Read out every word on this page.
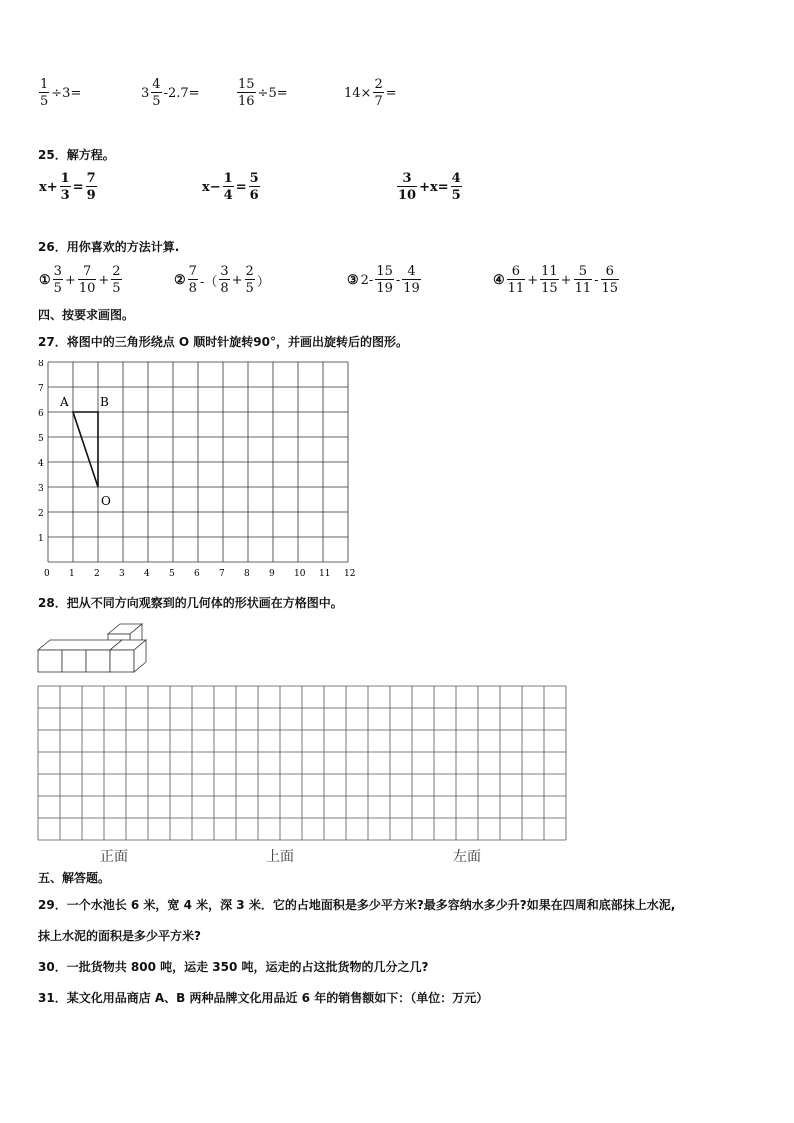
$\frac{1}{5} \div 3=$	$3 \frac{4}{5} -2.7=$	$\frac{15}{16} \div 5=$	$14\times \frac{2}{7}$ =
25．解方程。
$x+ \frac{1}{3} = \frac{7}{9}$	$x- \frac{1}{4} = \frac{5}{6}$	$\frac{3}{10} +x= \frac{4}{5}$
26．用你喜欢的方法计算.
① $\frac{3}{5} + \frac{7}{10} + \frac{2}{5}$	② $\frac{7}{8}$ -（ $\frac{3}{8} + \frac{2}{5}$ ）	③ $2- \frac{15}{19} - \frac{4}{19}$	④ $\frac{6}{11} + \frac{11}{15} + \frac{5}{11} - \frac{6}{15}$
四、按要求画图。
27．将图中的三角形绕点 O 顺时针旋转90°，并画出旋转后的图形。
0 1 2 3 4 5 6 7 8 9 10 11 12
1
2
3
4
5
6
7
8
A	B
O
28．把从不同方向观察到的几何体的形状画在方格图中。
正面	上面	左面
五、解答题。
29．一个水池长 6 米，宽 4 米，深 3 米．它的占地面积是多少平方米?最多容纳水多少升?如果在四周和底部抹上水泥,
抹上水泥的面积是多少平方米?
30．一批货物共 800 吨，运走 350 吨，运走的占这批货物的几分之几?
31．某文化用品商店 A、B 两种品牌文化用品近 6 年的销售额如下：（单位：万元）
